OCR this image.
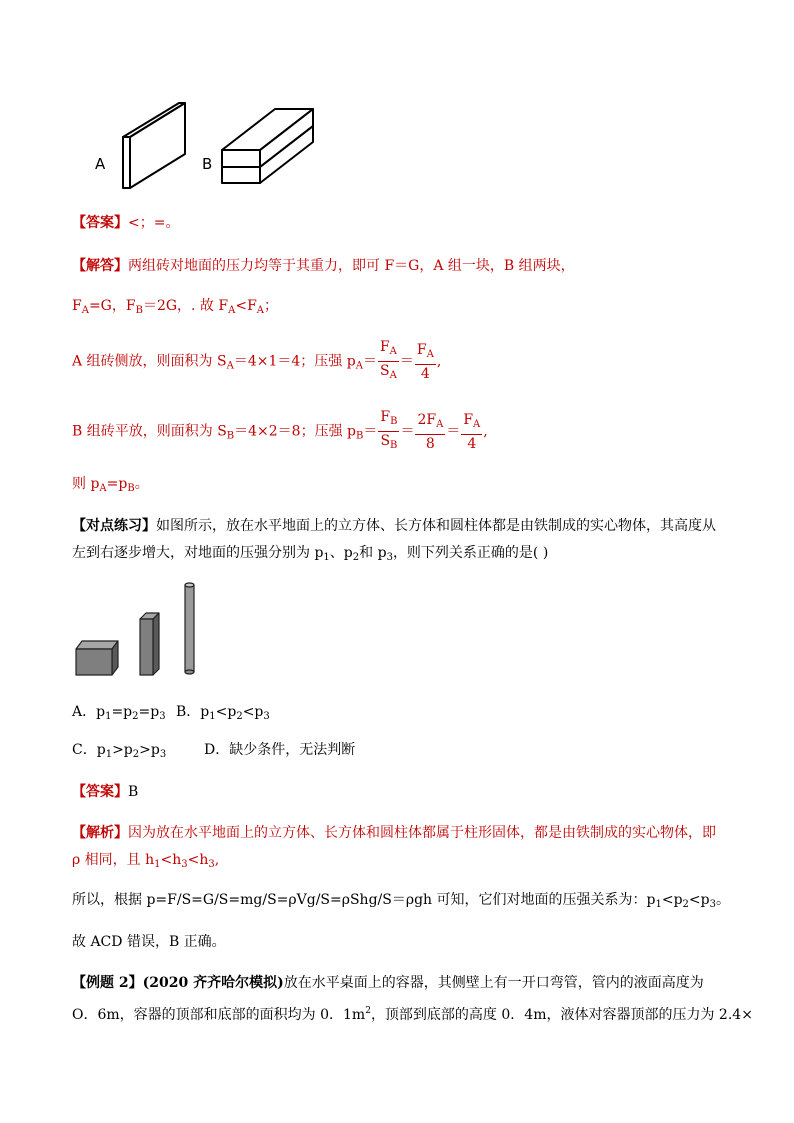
A	B
【答案】<；=。
【解答】两组砖对地面的压力均等于其重力，即可 F＝G，A 组一块，B 组两块，
$F_A=G$，$F_B=2G$，. 故 $F_A<F_A$；
A 组砖侧放，则面积为 $S_A=4\times 1=4$；压强 $p_A= \frac{F_A}{S_A} = \frac{F_A}{4}$ ,
B 组砖平放，则面积为 $S_B=4\times 2=8$；压强 $p_B= \frac{F_B}{S_B} = \frac{2F_A}{8} = \frac{F_A}{4}$ ,
则 $p_A=p_B$。
【对点练习】如图所示，放在水平地面上的立方体、长方体和圆柱体都是由铁制成的实心物体，其高度从
左到右逐步增大，对地面的压强分别为 $p_1$、$p_2$和 $p_3$，则下列关系正确的是( )
A．$p_1=p_2=p_3$ B．$p_1<p_2<p_3$
C．$p_1>p_2>p_3$	D．缺少条件，无法判断
【答案】B
【解析】因为放在水平地面上的立方体、长方体和圆柱体都属于柱形固体，都是由铁制成的实心物体，即
ρ 相同，且 $h_1<h_3<h_3$,
所以，根据 p=F/S=G/S=mg/S=ρVg/S=ρShg/S＝ρgh 可知，它们对地面的压强关系为：$p_1<p_2<p_3$。
故 ACD 错误，B 正确。
【例题 2】(2020 齐齐哈尔模拟)放在水平桌面上的容器，其侧壁上有一开口弯管，管内的液面高度为
O．6m，容器的顶部和底部的面积均为 0．$1m^2$，顶部到底部的高度 0．4m，液体对容器顶部的压力为 2.4×
